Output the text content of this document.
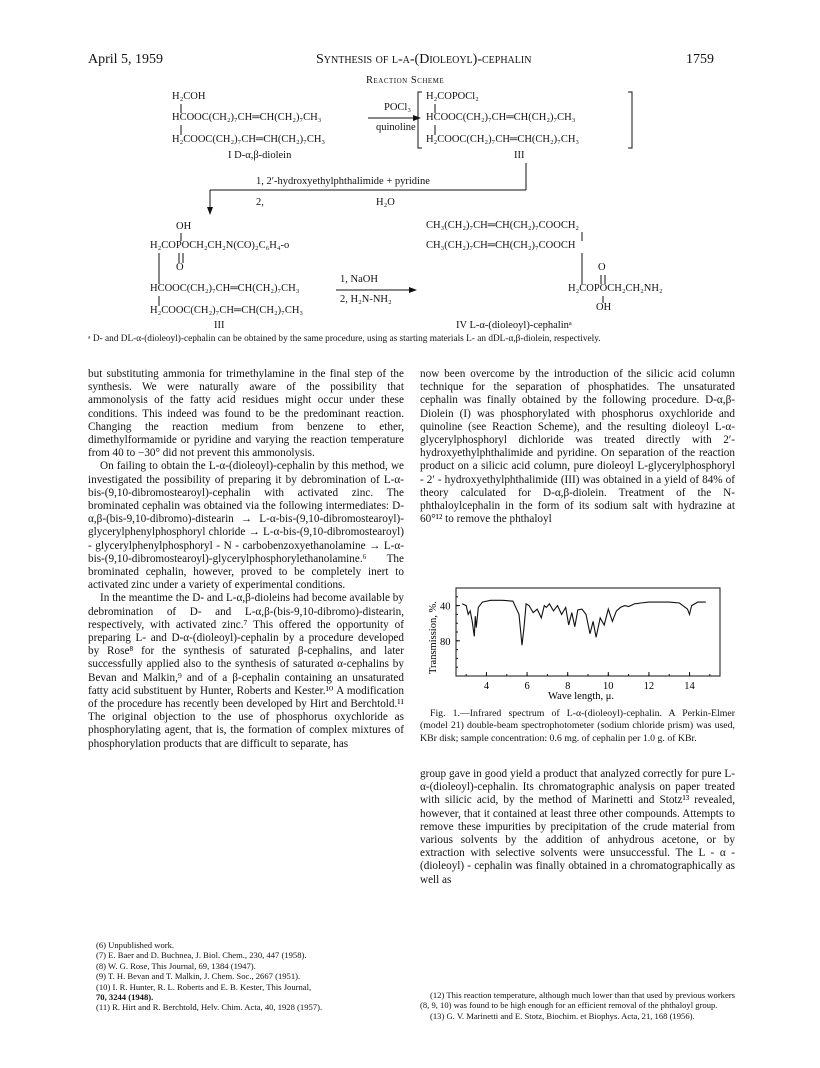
April 5, 1959	Synthesis of l-α-(Dioleoyl)-cephalin	1759
Reaction Scheme
H₂COH
HCOOC(CH₂)₇CH═CH(CH₂)₇CH₃
H₂COOC(CH₂)₇CH═CH(CH₂)₇CH₃
I D-α,β-diolein
POCl₃
quinoline
H₂COPOCl₂
HCOOC(CH₂)₇CH═CH(CH₂)₇CH₃
H₂COOC(CH₂)₇CH═CH(CH₂)₇CH₃
III
1, 2′-hydroxyethylphthalimide + pyridine
2,	H₂O
OH
H₂COPOCH₂CH₂N(CO)₂C₆H₄-o
O
HCOOC(CH₂)₇CH═CH(CH₂)₇CH₃
H₂COOC(CH₂)₇CH═CH(CH₂)₇CH₃
III
1, NaOH
2, H₂N-NH₂
CH₃(CH₂)₇CH═CH(CH₂)₇COOCH₂
CH₃(CH₂)₇CH═CH(CH₂)₇COOCH
O
H₂COPOCH₂CH₂NH₂
OH
IV L-α-(dioleoyl)-cephalinᵃ
ᵃ D- and DL-α-(dioleoyl)-cephalin can be obtained by the same procedure, using as starting materials L- an dDL-α,β-diolein, respectively.

but substituting ammonia for trimethylamine in the final step of the synthesis. We were naturally aware of the possibility that ammonolysis of the fatty acid residues might occur under these conditions. This indeed was found to be the predominant reaction. Changing the reaction medium from benzene to ether, dimethylformamide or pyridine and varying the reaction temperature from 40 to −30° did not prevent this ammonolysis.

On failing to obtain the L-α-(dioleoyl)-cephalin by this method, we investigated the possibility of preparing it by debromination of L-α-bis-(9,10-dibromostearoyl)-cephalin with activated zinc. The brominated cephalin was obtained via the following intermediates: D-α,β-(bis-9,10-dibromo)-distearin → L-α-bis-(9,10-dibromostearoyl)-glycerylphenylphosphoryl chloride → L-α-bis-(9,10-dibromostearoyl) - glycerylphenylphosphoryl - N - carbobenzoxyethanolamine → L-α-bis-(9,10-dibromostearoyl)-glycerylphosphorylethanolamine.⁶ The brominated cephalin, however, proved to be completely inert to activated zinc under a variety of experimental conditions.

In the meantime the D- and L-α,β-dioleins had become available by debromination of D- and L-α,β-(bis-9,10-dibromo)-distearin, respectively, with activated zinc.⁷ This offered the opportunity of preparing L- and D-α-(dioleoyl)-cephalin by a procedure developed by Rose⁸ for the synthesis of saturated β-cephalins, and later successfully applied also to the synthesis of saturated α-cephalins by Bevan and Malkin,⁹ and of a β-cephalin containing an unsaturated fatty acid substituent by Hunter, Roberts and Kester.¹⁰ A modification of the procedure has recently been developed by Hirt and Berchtold.¹¹ The original objection to the use of phosphorus oxychloride as phosphorylating agent, that is, the formation of complex mixtures of phosphorylation products that are difficult to separate, has

(6) Unpublished work.
(7) E. Baer and D. Buchnea, J. Biol. Chem., 230, 447 (1958).
(8) W. G. Rose, This Journal, 69, 1384 (1947).
(9) T. H. Bevan and T. Malkin, J. Chem. Soc., 2667 (1951).
(10) I. R. Hunter, R. L. Roberts and E. B. Kester, This Journal,
70, 3244 (1948).
(11) R. Hirt and R. Berchtold, Helv. Chim. Acta, 40, 1928 (1957).

now been overcome by the introduction of the silicic acid column technique for the separation of phosphatides. The unsaturated cephalin was finally obtained by the following procedure. D-α,β-Diolein (I) was phosphorylated with phosphorus oxychloride and quinoline (see Reaction Scheme), and the resulting dioleoyl L-α-glycerylphosphoryl dichloride was treated directly with 2′-hydroxyethylphthalimide and pyridine. On separation of the reaction product on a silicic acid column, pure dioleoyl L-glycerylphosphoryl - 2′ - hydroxyethylphthalimide (III) was obtained in a yield of 84% of theory calculated for D-α,β-diolein. Treatment of the N-phthaloylcephalin in the form of its sodium salt with hydrazine at 60°¹² to remove the phthaloyl

80
40
4	6	8	10	12	14
Transmission, %.
Wave length, μ.

Fig. 1.—Infrared spectrum of L-α-(dioleoyl)-cephalin. A Perkin-Elmer (model 21) double-beam spectrophotometer (sodium chloride prism) was used, KBr disk; sample concentration: 0.6 mg. of cephalin per 1.0 g. of KBr.

group gave in good yield a product that analyzed correctly for pure L-α-(dioleoyl)-cephalin. Its chromatographic analysis on paper treated with silicic acid, by the method of Marinetti and Stotz¹³ revealed, however, that it contained at least three other compounds. Attempts to remove these impurities by precipitation of the crude material from various solvents by the addition of anhydrous acetone, or by extraction with selective solvents were unsuccessful. The L - α - (dioleoyl) - cephalin was finally obtained in a chromatographically as well as

(12) This reaction temperature, although much lower than that used by previous workers (8, 9, 10) was found to be high enough for an efficient removal of the phthaloyl group.

(13) G. V. Marinetti and E. Stotz, Biochim. et Biophys. Acta, 21, 168 (1956).
